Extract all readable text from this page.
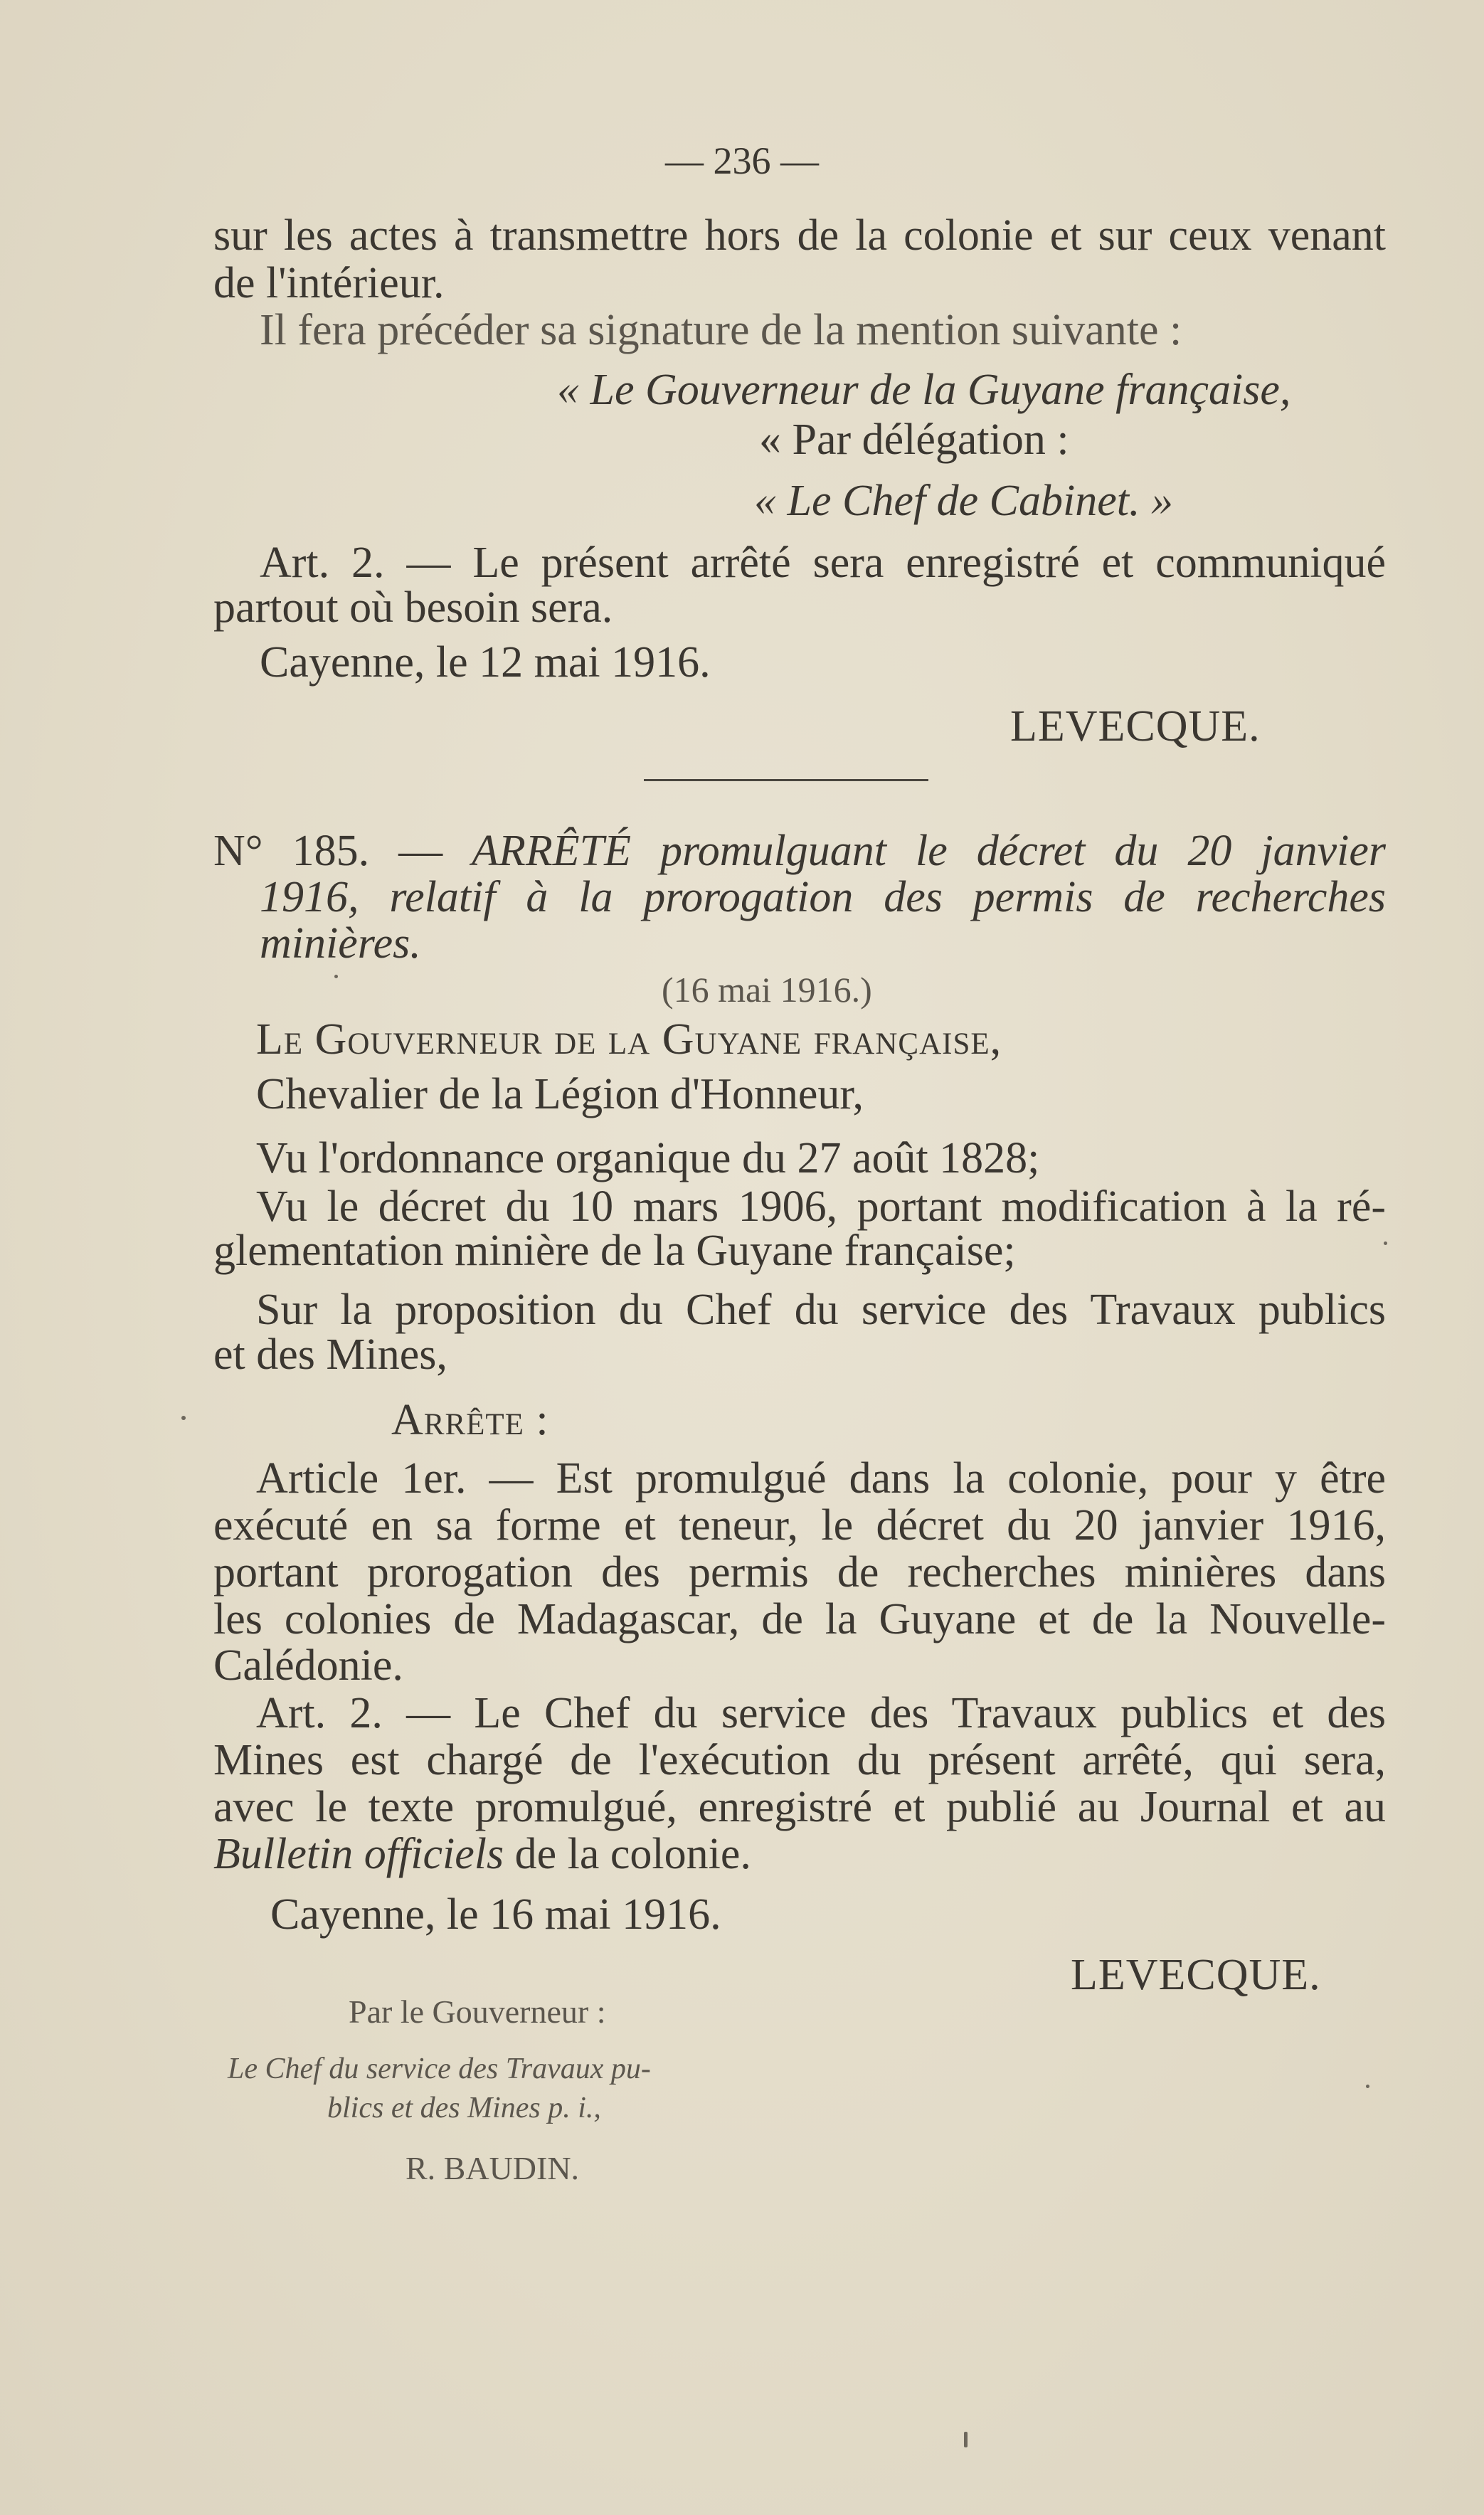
— 236 —
sur les actes à transmettre hors de la colonie et sur ceux venant
de l'intérieur.
Il fera précéder sa signature de la mention suivante :
« Le Gouverneur de la Guyane française,
« Par délégation :
« Le Chef de Cabinet. »
Art. 2. — Le présent arrêté sera enregistré et communiqué
partout où besoin sera.
Cayenne, le 12 mai 1916.
LEVECQUE.
N° 185. — ARRÊTÉ promulguant le décret du 20 janvier
1916, relatif à la prorogation des permis de recherches
minières.
(16 mai 1916.)
Le Gouverneur de la Guyane française,
Chevalier de la Légion d'Honneur,
Vu l'ordonnance organique du 27 août 1828;
Vu le décret du 10 mars 1906, portant modification à la ré-
glementation minière de la Guyane française;
Sur la proposition du Chef du service des Travaux publics
et des Mines,
Arrête :
Article 1er. — Est promulgué dans la colonie, pour y être
exécuté en sa forme et teneur, le décret du 20 janvier 1916,
portant prorogation des permis de recherches minières dans
les colonies de Madagascar, de la Guyane et de la Nouvelle-
Calédonie.
Art. 2. — Le Chef du service des Travaux publics et des
Mines est chargé de l'exécution du présent arrêté, qui sera,
avec le texte promulgué, enregistré et publié au Journal et au
Bulletin officiels de la colonie.
Cayenne, le 16 mai 1916.
LEVECQUE.
Par le Gouverneur :
Le Chef du service des Travaux pu-
blics et des Mines p. i.,
R. BAUDIN.
